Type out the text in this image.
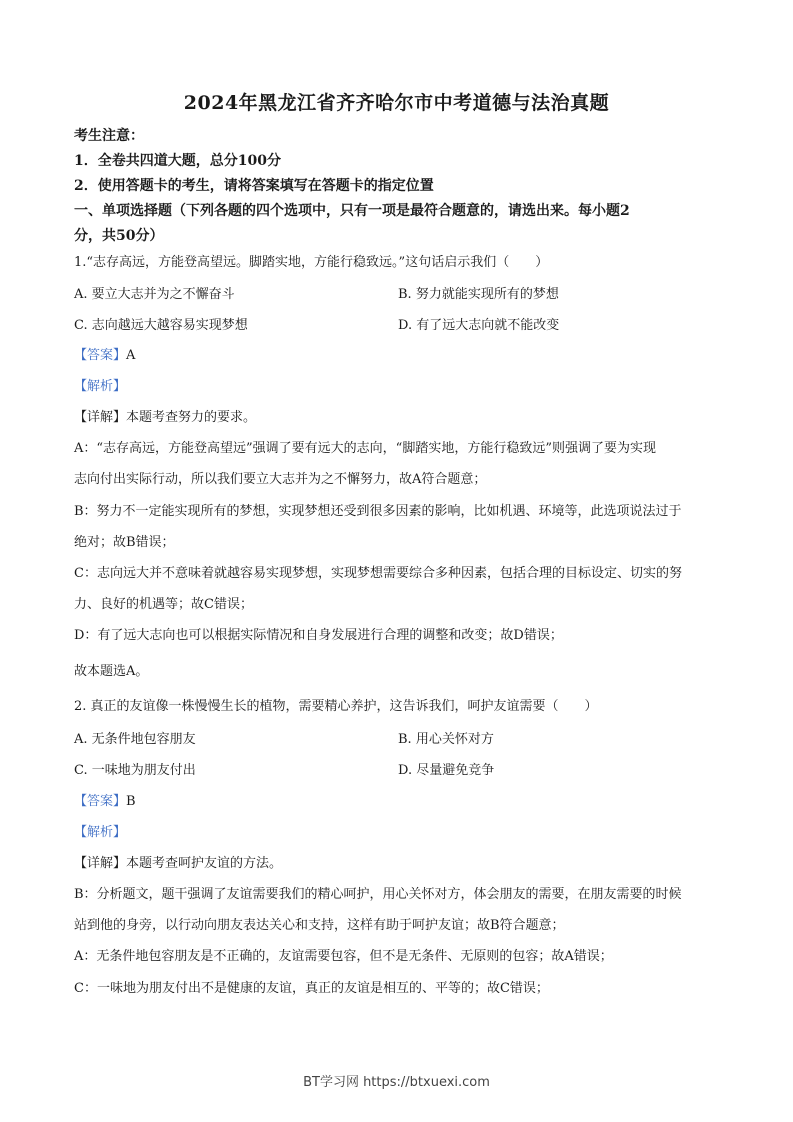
2024年黑龙江省齐齐哈尔市中考道德与法治真题
考生注意：
1．全卷共四道大题，总分100分
2．使用答题卡的考生，请将答案填写在答题卡的指定位置
一、单项选择题（下列各题的四个选项中，只有一项是最符合题意的，请选出来。每小题2
分，共50分）
1.“志存高远，方能登高望远。脚踏实地，方能行稳致远。”这句话启示我们（　　）
A. 要立大志并为之不懈奋斗	B. 努力就能实现所有的梦想
C. 志向越远大越容易实现梦想	D. 有了远大志向就不能改变
【答案】A
【解析】
【详解】本题考查努力的要求。
A：“志存高远，方能登高望远”强调了要有远大的志向，“脚踏实地，方能行稳致远”则强调了要为实现
志向付出实际行动，所以我们要立大志并为之不懈努力，故A符合题意；
B：努力不一定能实现所有的梦想，实现梦想还受到很多因素的影响，比如机遇、环境等，此选项说法过于
绝对；故B错误；
C：志向远大并不意味着就越容易实现梦想，实现梦想需要综合多种因素，包括合理的目标设定、切实的努
力、良好的机遇等；故C错误；
D：有了远大志向也可以根据实际情况和自身发展进行合理的调整和改变；故D错误；
故本题选A。
2. 真正的友谊像一株慢慢生长的植物，需要精心养护，这告诉我们，呵护友谊需要（　　）
A. 无条件地包容朋友	B. 用心关怀对方
C. 一味地为朋友付出	D. 尽量避免竞争
【答案】B
【解析】
【详解】本题考查呵护友谊的方法。
B：分析题文，题干强调了友谊需要我们的精心呵护，用心关怀对方，体会朋友的需要，在朋友需要的时候
站到他的身旁，以行动向朋友表达关心和支持，这样有助于呵护友谊；故B符合题意；
A：无条件地包容朋友是不正确的，友谊需要包容，但不是无条件、无原则的包容；故A错误；
C：一味地为朋友付出不是健康的友谊，真正的友谊是相互的、平等的；故C错误；
BT学习网 https://btxuexi.com
